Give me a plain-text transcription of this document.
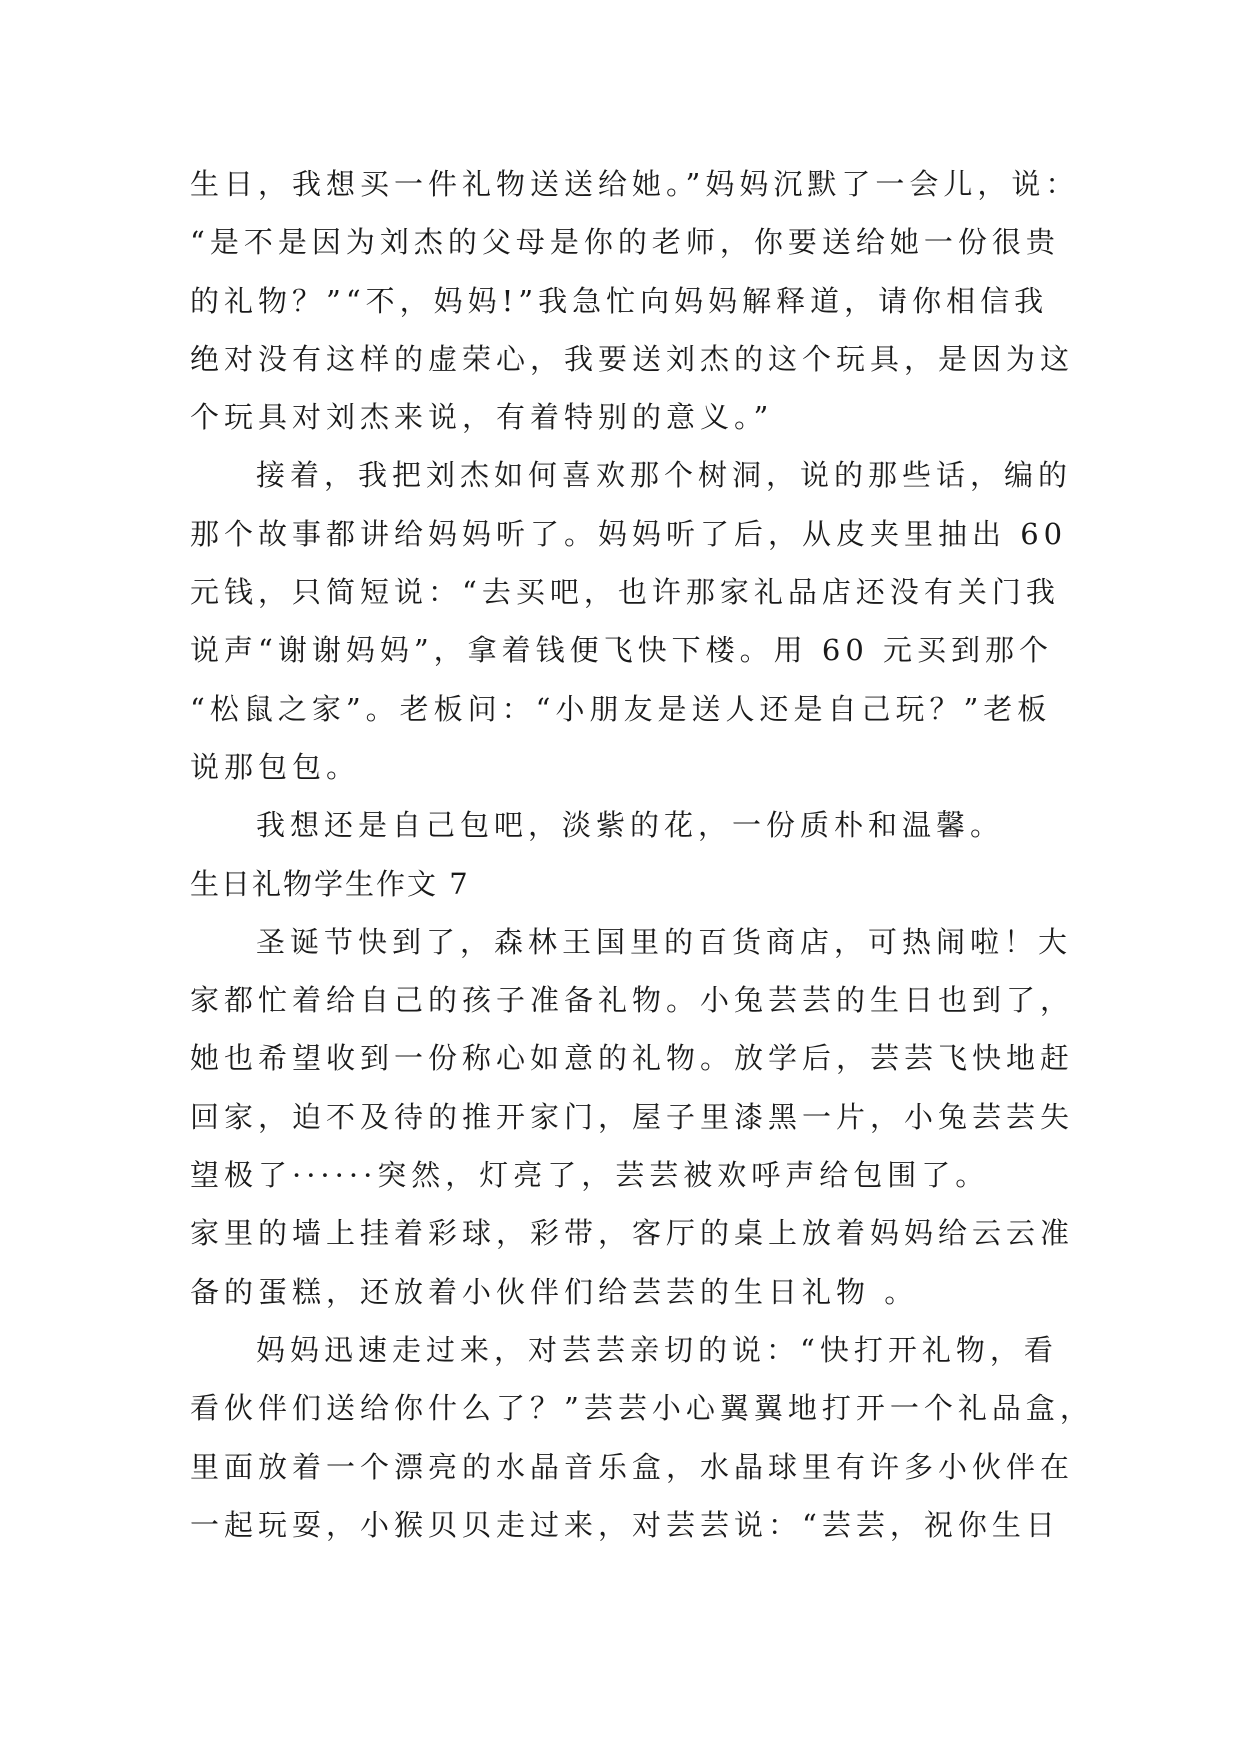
生日，我想买一件礼物送送给她。”妈妈沉默了一会儿，说：
“是不是因为刘杰的父母是你的老师，你要送给她一份很贵
的礼物？”“不，妈妈!”我急忙向妈妈解释道，请你相信我
绝对没有这样的虚荣心，我要送刘杰的这个玩具，是因为这
个玩具对刘杰来说，有着特别的意义。”
接着，我把刘杰如何喜欢那个树洞，说的那些话，编的
那个故事都讲给妈妈听了。妈妈听了后，从皮夹里抽出 60
元钱，只简短说：“去买吧，也许那家礼品店还没有关门我
说声“谢谢妈妈”，拿着钱便飞快下楼。用 60 元买到那个
“松鼠之家”。老板问：“小朋友是送人还是自己玩？”老板
说那包包。
我想还是自己包吧，淡紫的花，一份质朴和温馨。
生日礼物学生作文 7
圣诞节快到了，森林王国里的百货商店，可热闹啦！大
家都忙着给自己的孩子准备礼物。小兔芸芸的生日也到了，
她也希望收到一份称心如意的礼物。放学后，芸芸飞快地赶
回家，迫不及待的推开家门，屋子里漆黑一片，小兔芸芸失
望极了······突然，灯亮了，芸芸被欢呼声给包围了。
家里的墙上挂着彩球，彩带，客厅的桌上放着妈妈给云云准
备的蛋糕，还放着小伙伴们给芸芸的生日礼物 。
妈妈迅速走过来，对芸芸亲切的说：“快打开礼物，看
看伙伴们送给你什么了？”芸芸小心翼翼地打开一个礼品盒，
里面放着一个漂亮的水晶音乐盒，水晶球里有许多小伙伴在
一起玩耍，小猴贝贝走过来，对芸芸说：“芸芸，祝你生日
